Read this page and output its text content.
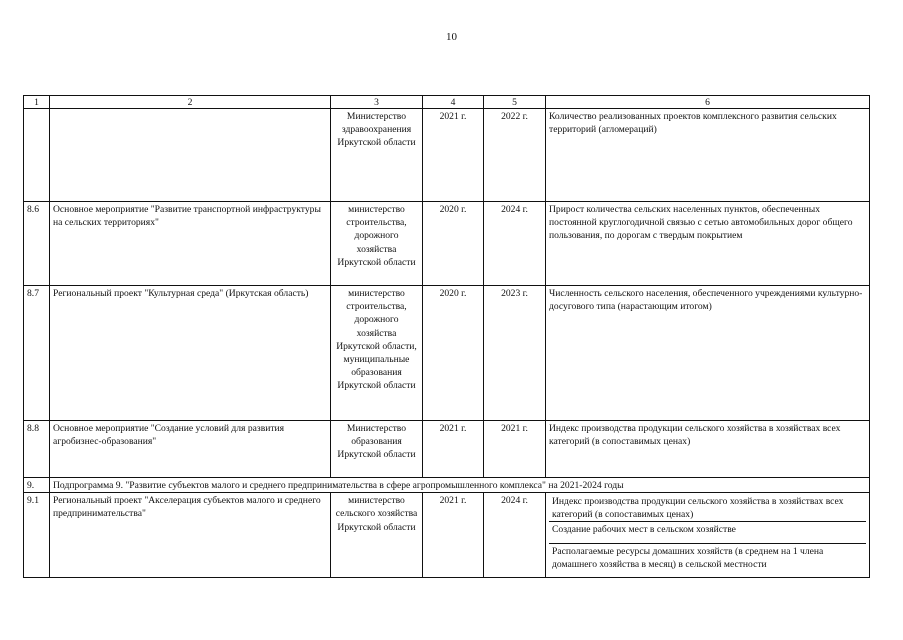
10
1	2	3	4	5	6
		Министерство здравоохранения Иркутской области	2021 г.	2022 г.	Количество реализованных проектов комплексного развития сельских территорий (агломераций)
8.6	Основное мероприятие "Развитие транспортной инфраструктуры на сельских территориях"	министерство строительства, дорожного хозяйства Иркутской области	2020 г.	2024 г.	Прирост количества сельских населенных пунктов, обеспеченных постоянной круглогодичной связью с сетью автомобильных дорог общего пользования, по дорогам с твердым покрытием
8.7	Региональный проект "Культурная среда" (Иркутская область)	министерство строительства, дорожного хозяйства Иркутской области, муниципальные образования Иркутской области	2020 г.	2023 г.	Численность сельского населения, обеспеченного учреждениями культурно-досугового типа (нарастающим итогом)
8.8	Основное мероприятие "Создание условий для развития агробизнес-образования"	Министерство образования Иркутской области	2021 г.	2021 г.	Индекс производства продукции сельского хозяйства в хозяйствах всех категорий (в сопоставимых ценах)
9.	Подпрограмма 9. "Развитие субъектов малого и среднего предпринимательства в сфере агропромышленного комплекса" на 2021-2024 годы				
9.1	Региональный проект "Акселерация субъектов малого и среднего предпринимательства"	министерство сельского хозяйства Иркутской области	2021 г.	2024 г.	Индекс производства продукции сельского хозяйства в хозяйствах всех категорий (в сопоставимых ценах)
Создание рабочих мест в сельском хозяйстве
Располагаемые ресурсы домашних хозяйств (в среднем на 1 члена домашнего хозяйства в месяц) в сельской местности
